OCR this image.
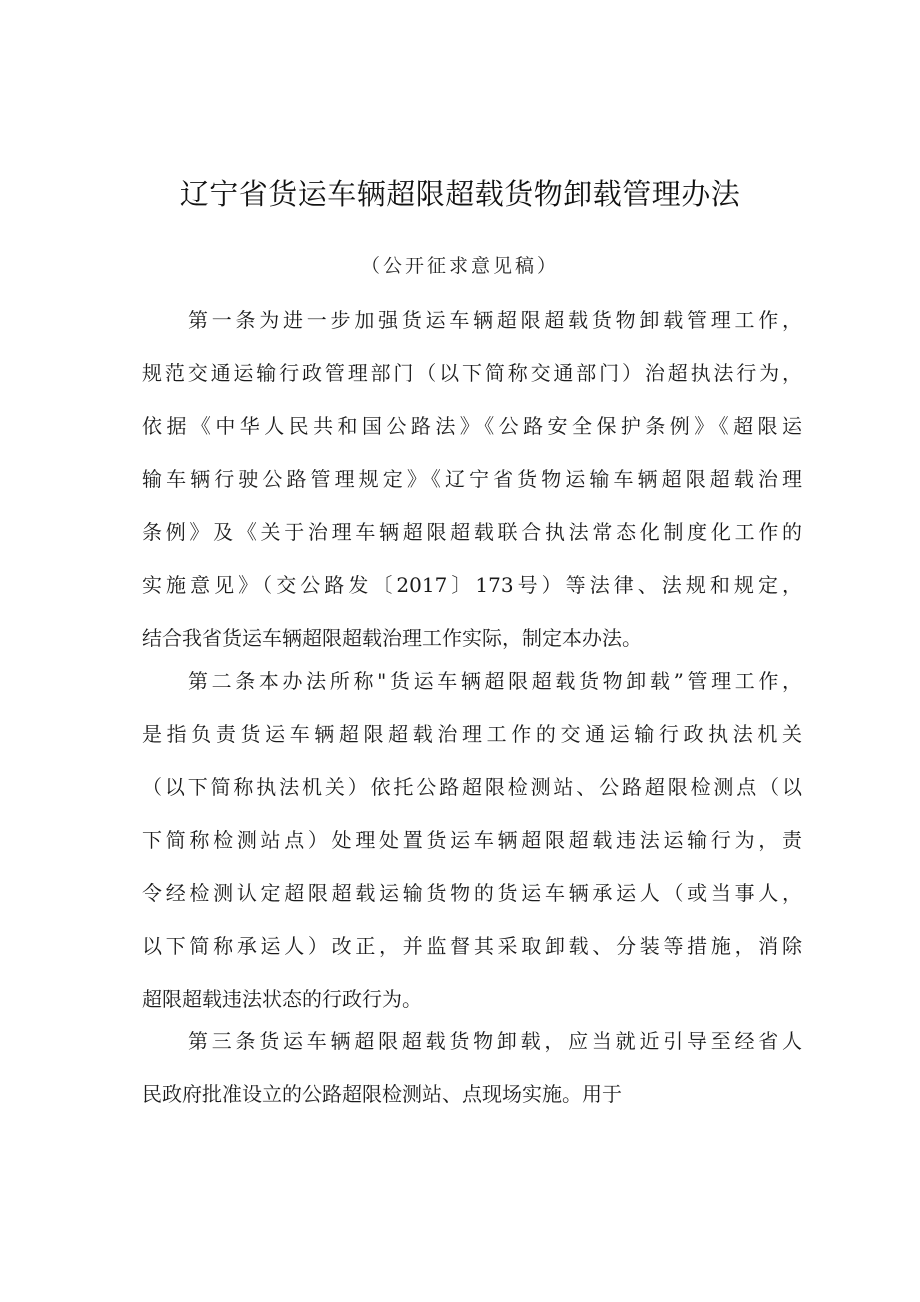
辽宁省货运车辆超限超载货物卸载管理办法
（公开征求意见稿）
第一条为进一步加强货运车辆超限超载货物卸载管理工作，
规范交通运输行政管理部门（以下简称交通部门）治超执法行为，
依据《中华人民共和国公路法》《公路安全保护条例》《超限运
输车辆行驶公路管理规定》《辽宁省货物运输车辆超限超载治理
条例》及《关于治理车辆超限超载联合执法常态化制度化工作的
实施意见》（交公路发〔2017〕173号）等法律、法规和规定，
结合我省货运车辆超限超载治理工作实际，制定本办法。
第二条本办法所称"货运车辆超限超载货物卸载”管理工作，
是指负责货运车辆超限超载治理工作的交通运输行政执法机关
（以下简称执法机关）依托公路超限检测站、公路超限检测点（以
下简称检测站点）处理处置货运车辆超限超载违法运输行为，责
令经检测认定超限超载运输货物的货运车辆承运人（或当事人，
以下简称承运人）改正，并监督其采取卸载、分装等措施，消除
超限超载违法状态的行政行为。
第三条货运车辆超限超载货物卸载，应当就近引导至经省人
民政府批准设立的公路超限检测站、点现场实施。用于
